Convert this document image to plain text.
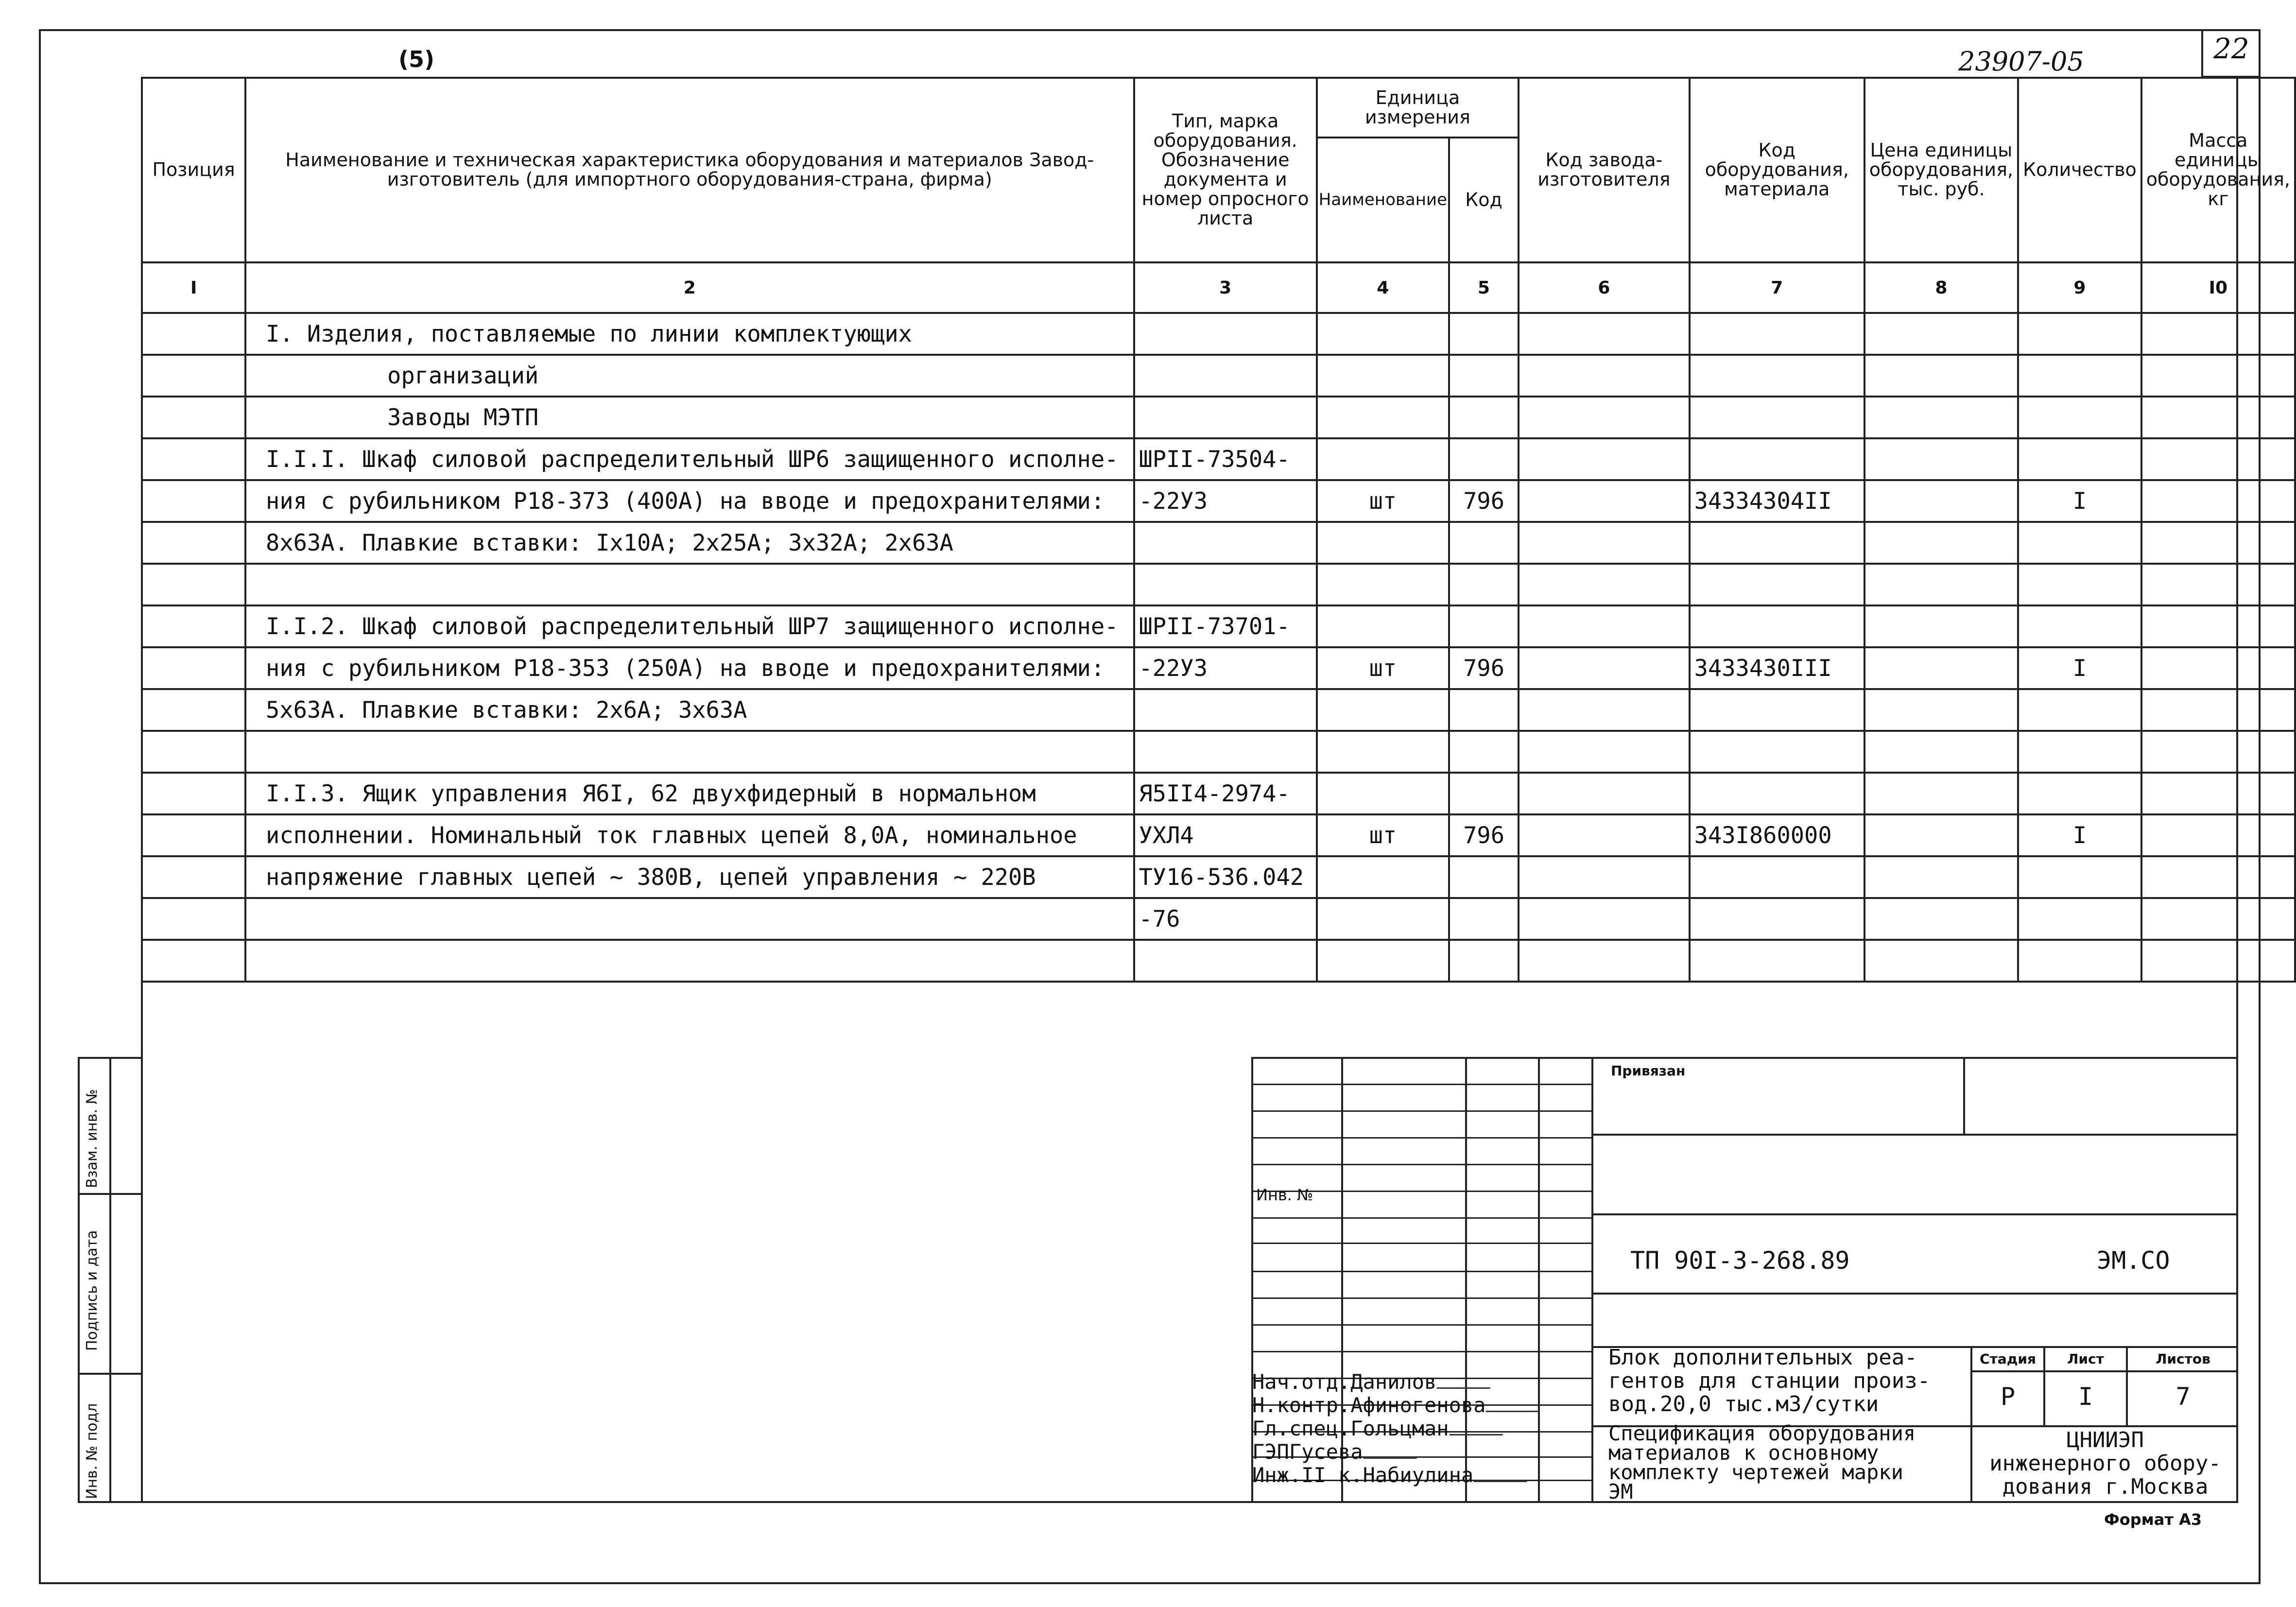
22
(5)	23907-05
Позиция	Наименование и техническая характеристика оборудования и материалов Завод-изготовитель (для импортного оборудования-страна, фирма)	Тип, марка оборудования. Обозначение документа и номер опросного листа	Единица измерения		Код завода-изготовителя	Код оборудования, материала	Цена единицы оборудования, тыс. руб.	Количество	Масса единицы оборудования, кг
			Наименование	Код					
I	2	3	4	5	6	7	8	9	I0
	I. Изделия, поставляемые по линии комплектующих								
	организаций								
	Заводы МЭТП								
	I.I.I. Шкаф силовой распределительный ШР6 защищенного исполне-	ШРII-73504-							
	ния с рубильником Р18-373 (400А) на вводе и предохранителями:	-22У3	шт	796		34334304II		I	
	8х63А. Плавкие вставки: Iх10А; 2х25А; 3х32А; 2х63А								

	I.I.2. Шкаф силовой распределительный ШР7 защищенного исполне-	ШРII-73701-							
	ния с рубильником Р18-353 (250А) на вводе и предохранителями:	-22У3	шт	796		3433430III		I	
	5х63А. Плавкие вставки: 2х6А; 3х63А								

	I.I.3. Ящик управления Я6I, 62 двухфидерный в нормальном	Я5II4-2974-							
	исполнении. Номинальный ток главных цепей 8,0А, номинальное	УХЛ4	шт	796		343I860000		I	
	напряжение главных цепей ~ 380В, цепей управления ~ 220В	ТУ16-536.042							
		-76							

Взам. инв. №
Подпись и дата
Инв. № подл
Инв. №
Нач.отд.Данилов
Н.контр.Афиногенова
Гл.спец.Гольцман
ГЭПГусева
Инж.II к.Набиулина
Привязан
ТП 90I-3-268.89	ЭМ.СО
Блок дополнительных реа-
гентов для станции произ-
вод.20,0 тыс.м3/сутки
Спецификация оборудования
материалов к основному
комплекту чертежей марки
ЭМ
Стадия	Лист	Листов
Р	I	7
ЦНИИЭП
инженерного обору-
дования г.Москва
Формат А3
